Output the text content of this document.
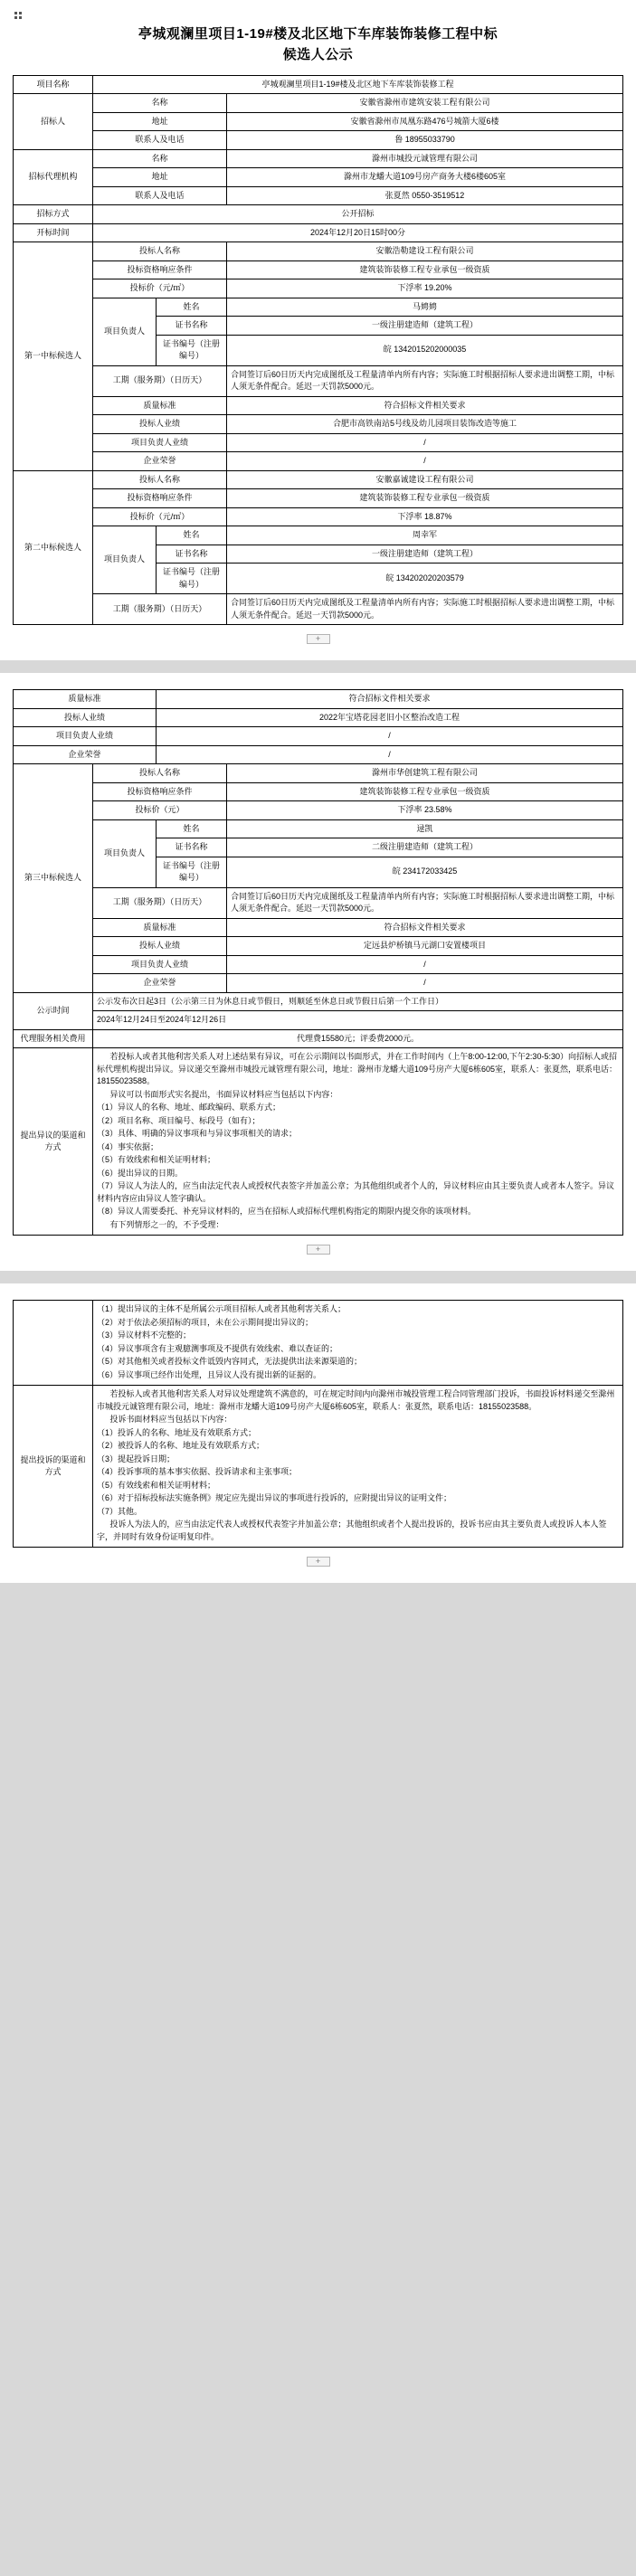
亭城观澜里项目1-19#楼及北区地下车库装饰装修工程中标
候选人公示
项目名称	亭城观澜里项目1-19#楼及北区地下车库装饰装修工程		
招标人	名称		安徽省滁州市建筑安装工程有限公司
	地址		安徽省滁州市凤凰东路476号城箭大厦6楼
	联系人及电话		鲁 18955033790
招标代理机构	名称		滁州市城投元诚管理有限公司
	地址		滁州市龙蟠大道109号房产商务大楼6楼605室
	联系人及电话		张夏然 0550-3519512
招标方式	公开招标		
开标时间	2024年12月20日15时00分		
第一中标候选人	投标人名称		安徽浩勒建设工程有限公司
	投标资格响应条件		建筑装饰装修工程专业承包一级资质
	投标价（元/㎡）		下浮率 19.20%
	项目负责人	姓名	马娉娉
		证书名称	一级注册建造师（建筑工程）
		证书编号（注册编号）	皖 1342015202000035
	工期（服务期）（日历天）		合同签订后60日历天内完成图纸及工程量清单内所有内容；实际施工时根据招标人要求进出调整工期，中标人须无条件配合。延迟一天罚款5000元。
	质量标准		符合招标文件相关要求
	投标人业绩		合肥市高铁南站5号线及幼儿园项目装饰改造等施工
	项目负责人业绩		/
	企业荣誉		/
第二中标候选人	投标人名称		安徽嘉诚建设工程有限公司
	投标资格响应条件		建筑装饰装修工程专业承包一级资质
	投标价（元/㎡）		下浮率 18.87%
	项目负责人	姓名	周幸军
		证书名称	一级注册建造师（建筑工程）
		证书编号（注册编号）	皖 134202020203579
	工期（服务期）（日历天）		合同签订后60日历天内完成图纸及工程量清单内所有内容；实际施工时根据招标人要求进出调整工期，中标人须无条件配合。延迟一天罚款5000元。
+
质量标准		符合招标文件相关要求	
投标人业绩		2022年宝塔花园老旧小区整治改造工程	
项目负责人业绩		/	
企业荣誉		/	
第三中标候选人	投标人名称		滁州市华创建筑工程有限公司
	投标资格响应条件		建筑装饰装修工程专业承包一级资质
	投标价（元）		下浮率 23.58%
	项目负责人	姓名	逯凯
		证书名称	二级注册建造师（建筑工程）
		证书编号（注册编号）	皖 234172033425
	工期（服务期）（日历天）		合同签订后60日历天内完成图纸及工程量清单内所有内容；实际施工时根据招标人要求进出调整工期，中标人须无条件配合。延迟一天罚款5000元。
	质量标准		符合招标文件相关要求
	投标人业绩		定远县炉桥镇马元湖口安置楼项目
	项目负责人业绩		/
	企业荣誉		/
公示时间	公示发布次日起3日（公示第三日为休息日或节假日，则顺延至休息日或节假日后第一个工作日）		
	2024年12月24日至2024年12月26日		
代理服务相关费用	代理费15580元；评委费2000元。		
提出异议的渠道和方式	

若投标人或者其他利害关系人对上述结果有异议，可在公示期间以书面形式，并在工作时间内（上午8:00-12:00,下午2:30-5:30）向招标人或招标代理机构提出异议。异议递交至滁州市城投元诚管理有限公司，地址：滁州市龙蟠大道109号房产大厦6栋605室，联系人：张夏然，联系电话：18155023588。

异议可以书面形式实名提出，书面异议材料应当包括以下内容：

（1）异议人的名称、地址、邮政编码、联系方式；

（2）项目名称、项目编号、标段号（如有）；

（3）具体、明确的异议事项和与异议事项相关的请求；

（4）事实依据；

（5）有效线索和相关证明材料；

（6）提出异议的日期。

（7）异议人为法人的，应当由法定代表人或授权代表签字并加盖公章；为其他组织或者个人的，异议材料应由其主要负责人或者本人签字。异议材料内容应由异议人签字确认。

（8）异议人需要委托、补充异议材料的，应当在招标人或招标代理机构指定的期限内提交你的该项材料。

有下列情形之一的，不予受理：

+

（1）提出异议的主体不是所属公示项目招标人或者其他利害关系人；

（2）对于依法必须招标的项目，未在公示期间提出异议的；

（3）异议材料不完整的；

（4）异议事项含有主观臆测事项及不提供有效线索、难以查证的；

（5）对其他相关或者投标文件诋毁内容同式，无法提供出法来源渠道的；

（6）异议事项已经作出处理，且异议人没有提出新的证据的。

提出投诉的渠道和方式	

若投标人或者其他利害关系人对异议处理建筑不满意的，可在规定时间内向滁州市城投管理工程合同管理部门投诉，书面投诉材料递交至滁州市城投元诚管理有限公司，地址：滁州市龙蟠大道109号房产大厦6栋605室，联系人：张夏然，联系电话：18155023588。

投诉书面材料应当包括以下内容：

（1）投诉人的名称、地址及有效联系方式；

（2）被投诉人的名称、地址及有效联系方式；

（3）提起投诉日期；

（4）投诉事项的基本事实依据、投诉请求和主张事项；

（5）有效线索和相关证明材料；

（6）对于招标投标法实施条例》规定应先提出异议的事项进行投诉的，应附提出异议的证明文件；

（7）其他。

投诉人为法人的，应当由法定代表人或授权代表签字并加盖公章；其他组织或者个人提出投诉的，投诉书应由其主要负责人或投诉人本人签字，并同时有效身份证明复印件。

+
